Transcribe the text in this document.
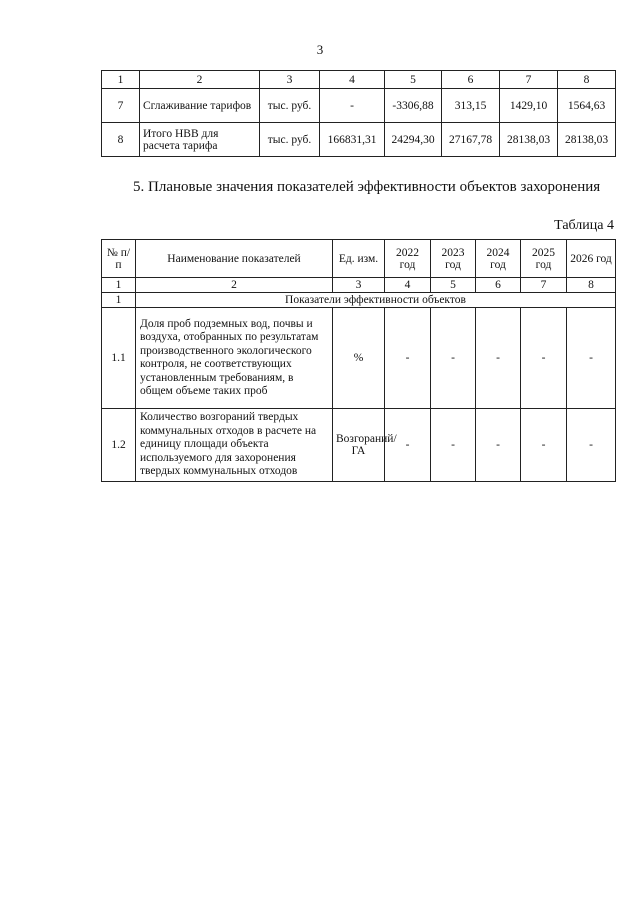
3
1	2	3	4	5	6	7	8
7	Сглаживание тарифов	тыс. руб.	-	-3306,88	313,15	1429,10	1564,63
8	Итого НВВ для расчета тарифа	тыс. руб.	166831,31	24294,30	27167,78	28138,03	28138,03
5. Плановые значения показателей эффективности объектов захоронения
Таблица 4
№ п/п	Наименование показателей	Ед. изм.	2022 год	2023 год	2024 год	2025 год	2026 год
1	2	3	4	5	6	7	8
1	Показатели эффективности объектов						
1.1	Доля проб подземных вод, почвы и воздуха, отобранных по результатам производственного экологического контроля, не соответствующих установленным требованиям, в общем объеме таких проб	%	-	-	-	-	-
1.2	Количество возгораний твердых коммунальных отходов в расчете на единицу площади объекта используемого для захоронения твердых коммунальных отходов	Возгораний/ГА	-	-	-	-	-
